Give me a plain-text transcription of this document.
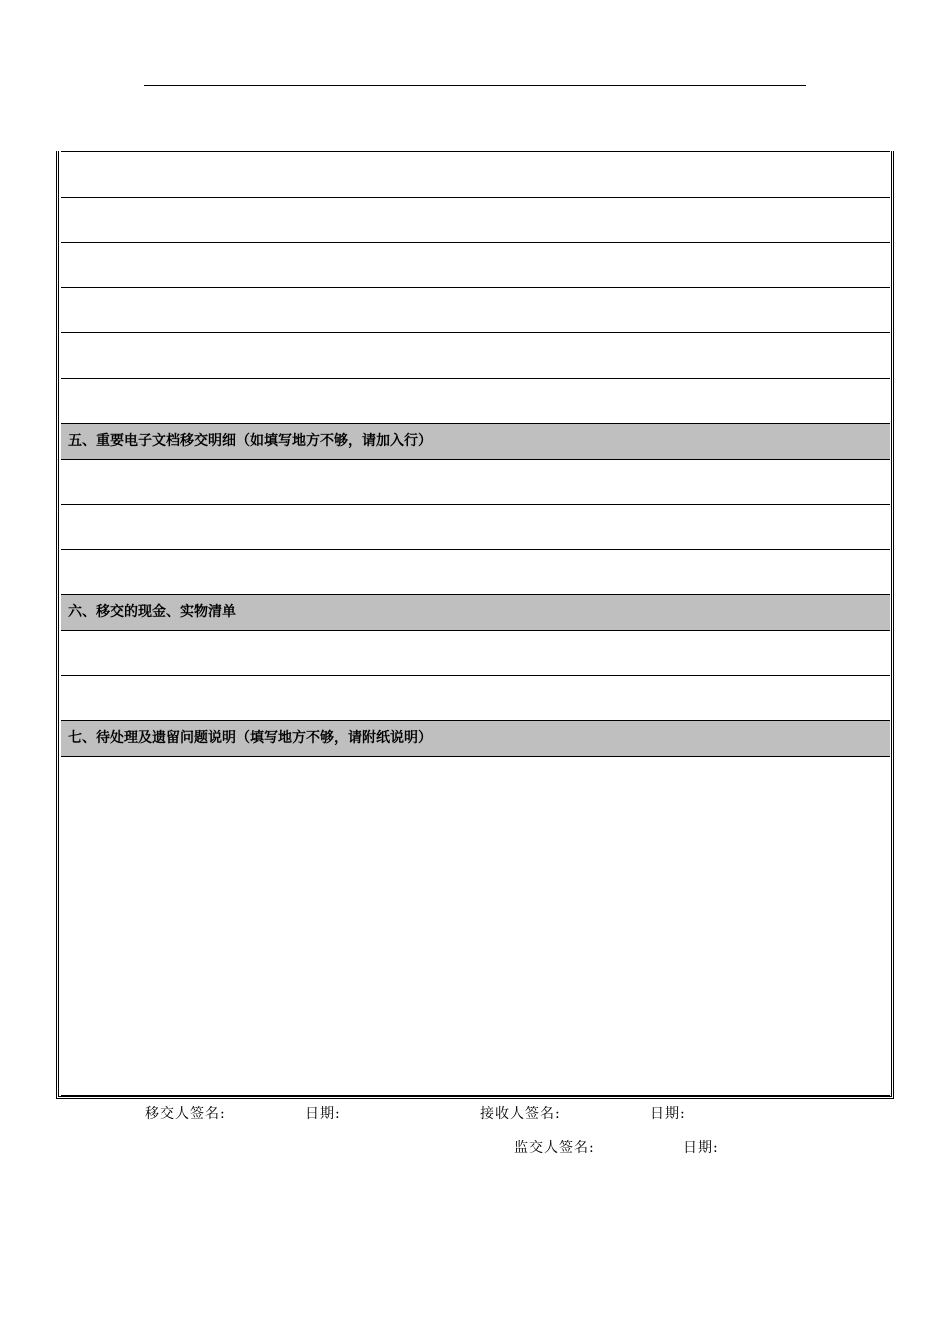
五、重要电子文档移交明细（如填写地方不够，请加入行）
六、移交的现金、实物清单
七、待处理及遗留问题说明（填写地方不够，请附纸说明）
移交人签名:	日期:	接收人签名:	日期:
监交人签名:	日期:
